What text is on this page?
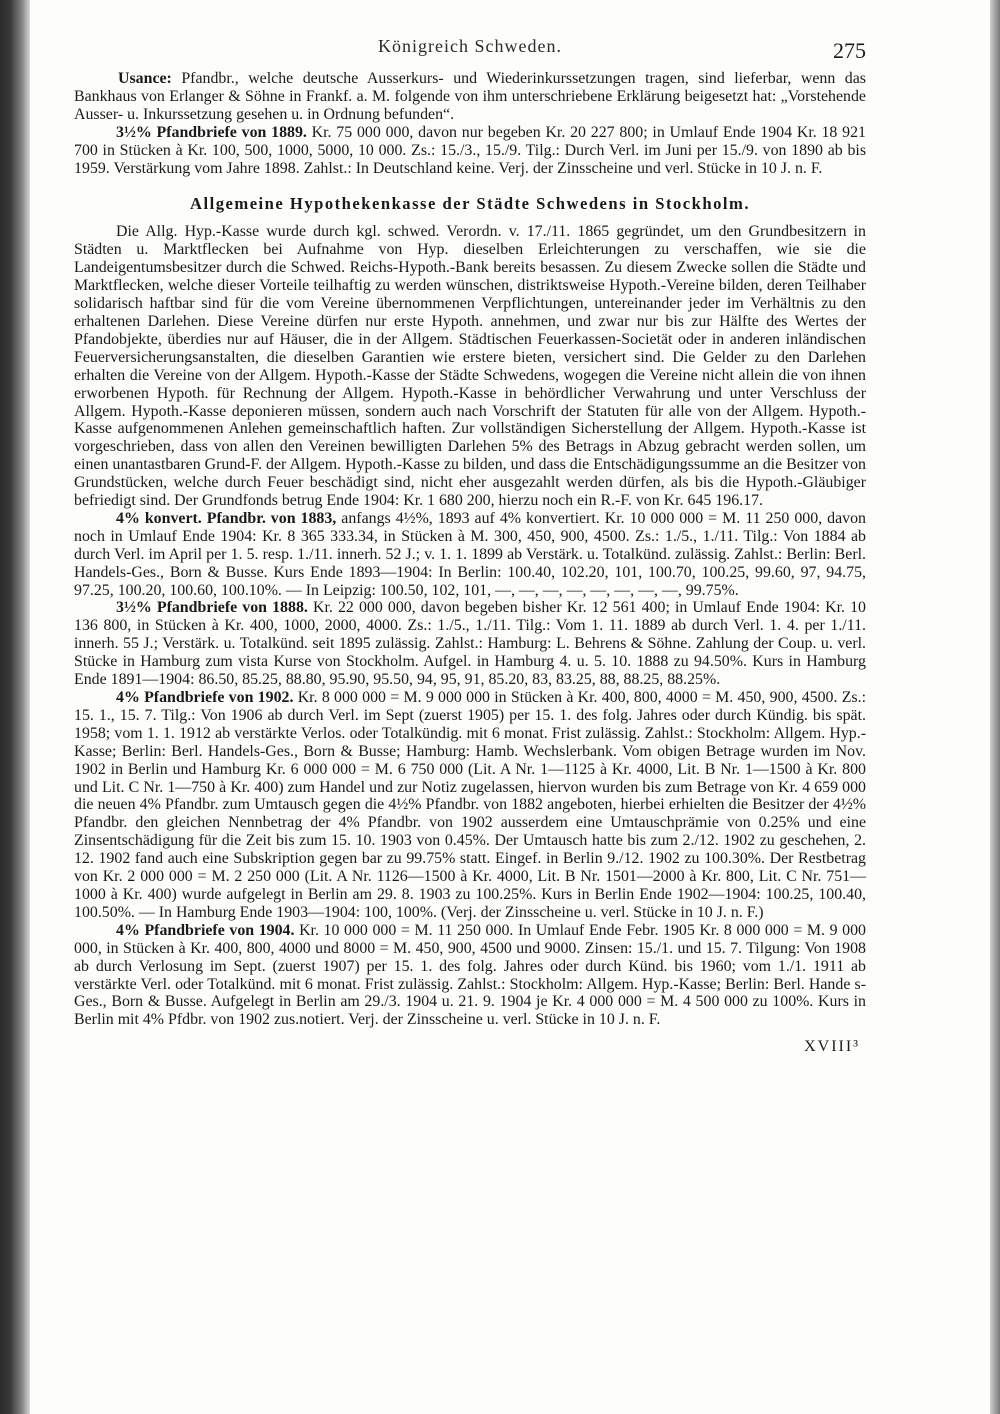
Königreich Schweden.	275

Usance: Pfandbr., welche deutsche Ausserkurs- und Wiederinkurssetzungen tragen, sind lieferbar, wenn das Bankhaus von Erlanger & Söhne in Frankf. a. M. folgende von ihm unterschriebene Erklärung beigesetzt hat: „Vorstehende Ausser- u. Inkurssetzung gesehen u. in Ordnung befunden“.

3½% Pfandbriefe von 1889. Kr. 75 000 000, davon nur begeben Kr. 20 227 800; in Umlauf Ende 1904 Kr. 18 921 700 in Stücken à Kr. 100, 500, 1000, 5000, 10 000. Zs.: 15./3., 15./9. Tilg.: Durch Verl. im Juni per 15./9. von 1890 ab bis 1959. Verstärkung vom Jahre 1898. Zahlst.: In Deutschland keine. Verj. der Zinsscheine und verl. Stücke in 10 J. n. F.

Allgemeine Hypothekenkasse der Städte Schwedens in Stockholm.

Die Allg. Hyp.-Kasse wurde durch kgl. schwed. Verordn. v. 17./11. 1865 gegründet, um den Grundbesitzern in Städten u. Marktflecken bei Aufnahme von Hyp. dieselben Erleichterungen zu verschaffen, wie sie die Landeigentumsbesitzer durch die Schwed. Reichs-Hypoth.-Bank bereits besassen. Zu diesem Zwecke sollen die Städte und Marktflecken, welche dieser Vorteile teilhaftig zu werden wünschen, distriktsweise Hypoth.-Vereine bilden, deren Teilhaber solidarisch haftbar sind für die vom Vereine übernommenen Verpflichtungen, untereinander jeder im Verhältnis zu den erhaltenen Darlehen. Diese Vereine dürfen nur erste Hypoth. annehmen, und zwar nur bis zur Hälfte des Wertes der Pfandobjekte, überdies nur auf Häuser, die in der Allgem. Städtischen Feuerkassen-Societät oder in anderen inländischen Feuerversicherungsanstalten, die dieselben Garantien wie erstere bieten, versichert sind. Die Gelder zu den Darlehen erhalten die Vereine von der Allgem. Hypoth.-Kasse der Städte Schwedens, wogegen die Vereine nicht allein die von ihnen erworbenen Hypoth. für Rechnung der Allgem. Hypoth.-Kasse in behördlicher Verwahrung und unter Verschluss der Allgem. Hypoth.-Kasse deponieren müssen, sondern auch nach Vorschrift der Statuten für alle von der Allgem. Hypoth.-Kasse aufgenommenen Anlehen gemeinschaftlich haften. Zur vollständigen Sicherstellung der Allgem. Hypoth.-Kasse ist vorgeschrieben, dass von allen den Vereinen bewilligten Darlehen 5% des Betrags in Abzug gebracht werden sollen, um einen unantastbaren Grund-F. der Allgem. Hypoth.-Kasse zu bilden, und dass die Entschädigungssumme an die Besitzer von Grundstücken, welche durch Feuer beschädigt sind, nicht eher ausgezahlt werden dürfen, als bis die Hypoth.-Gläubiger befriedigt sind. Der Grundfonds betrug Ende 1904: Kr. 1 680 200, hierzu noch ein R.-F. von Kr. 645 196.17.

4% konvert. Pfandbr. von 1883, anfangs 4½%, 1893 auf 4% konvertiert. Kr. 10 000 000 = M. 11 250 000, davon noch in Umlauf Ende 1904: Kr. 8 365 333.34, in Stücken à M. 300, 450, 900, 4500. Zs.: 1./5., 1./11. Tilg.: Von 1884 ab durch Verl. im April per 1. 5. resp. 1./11. innerh. 52 J.; v. 1. 1. 1899 ab Verstärk. u. Totalkünd. zulässig. Zahlst.: Berlin: Berl. Handels-Ges., Born & Busse. Kurs Ende 1893—1904: In Berlin: 100.40, 102.20, 101, 100.70, 100.25, 99.60, 97, 94.75, 97.25, 100.20, 100.60, 100.10%. — In Leipzig: 100.50, 102, 101, —, —, —, —, —, —, —, —, 99.75%.

3½% Pfandbriefe von 1888. Kr. 22 000 000, davon begeben bisher Kr. 12 561 400; in Umlauf Ende 1904: Kr. 10 136 800, in Stücken à Kr. 400, 1000, 2000, 4000. Zs.: 1./5., 1./11. Tilg.: Vom 1. 11. 1889 ab durch Verl. 1. 4. per 1./11. innerh. 55 J.; Verstärk. u. Totalkünd. seit 1895 zulässig. Zahlst.: Hamburg: L. Behrens & Söhne. Zahlung der Coup. u. verl. Stücke in Hamburg zum vista Kurse von Stockholm. Aufgel. in Hamburg 4. u. 5. 10. 1888 zu 94.50%. Kurs in Hamburg Ende 1891—1904: 86.50, 85.25, 88.80, 95.90, 95.50, 94, 95, 91, 85.20, 83, 83.25, 88, 88.25, 88.25%.

4% Pfandbriefe von 1902. Kr. 8 000 000 = M. 9 000 000 in Stücken à Kr. 400, 800, 4000 = M. 450, 900, 4500. Zs.: 15. 1., 15. 7. Tilg.: Von 1906 ab durch Verl. im Sept (zuerst 1905) per 15. 1. des folg. Jahres oder durch Kündig. bis spät. 1958; vom 1. 1. 1912 ab verstärkte Verlos. oder Totalkündig. mit 6 monat. Frist zulässig. Zahlst.: Stockholm: Allgem. Hyp.-Kasse; Berlin: Berl. Handels-Ges., Born & Busse; Hamburg: Hamb. Wechslerbank. Vom obigen Betrage wurden im Nov. 1902 in Berlin und Hamburg Kr. 6 000 000 = M. 6 750 000 (Lit. A Nr. 1—1125 à Kr. 4000, Lit. B Nr. 1—1500 à Kr. 800 und Lit. C Nr. 1—750 à Kr. 400) zum Handel und zur Notiz zugelassen, hiervon wurden bis zum Betrage von Kr. 4 659 000 die neuen 4% Pfandbr. zum Umtausch gegen die 4½% Pfandbr. von 1882 angeboten, hierbei erhielten die Besitzer der 4½% Pfandbr. den gleichen Nennbetrag der 4% Pfandbr. von 1902 ausserdem eine Umtauschprämie von 0.25% und eine Zinsentschädigung für die Zeit bis zum 15. 10. 1903 von 0.45%. Der Umtausch hatte bis zum 2./12. 1902 zu geschehen, 2. 12. 1902 fand auch eine Subskription gegen bar zu 99.75% statt. Eingef. in Berlin 9./12. 1902 zu 100.30%. Der Restbetrag von Kr. 2 000 000 = M. 2 250 000 (Lit. A Nr. 1126—1500 à Kr. 4000, Lit. B Nr. 1501—2000 à Kr. 800, Lit. C Nr. 751—1000 à Kr. 400) wurde aufgelegt in Berlin am 29. 8. 1903 zu 100.25%. Kurs in Berlin Ende 1902—1904: 100.25, 100.40, 100.50%. — In Hamburg Ende 1903—1904: 100, 100%. (Verj. der Zinsscheine u. verl. Stücke in 10 J. n. F.)

4% Pfandbriefe von 1904. Kr. 10 000 000 = M. 11 250 000. In Umlauf Ende Febr. 1905 Kr. 8 000 000 = M. 9 000 000, in Stücken à Kr. 400, 800, 4000 und 8000 = M. 450, 900, 4500 und 9000. Zinsen: 15./1. und 15. 7. Tilgung: Von 1908 ab durch Verlosung im Sept. (zuerst 1907) per 15. 1. des folg. Jahres oder durch Künd. bis 1960; vom 1./1. 1911 ab verstärkte Verl. oder Totalkünd. mit 6 monat. Frist zulässig. Zahlst.: Stockholm: Allgem. Hyp.-Kasse; Berlin: Berl. Hande s-Ges., Born & Busse. Aufgelegt in Berlin am 29./3. 1904 u. 21. 9. 1904 je Kr. 4 000 000 = M. 4 500 000 zu 100%. Kurs in Berlin mit 4% Pfdbr. von 1902 zus.notiert. Verj. der Zinsscheine u. verl. Stücke in 10 J. n. F.

XVIII³
